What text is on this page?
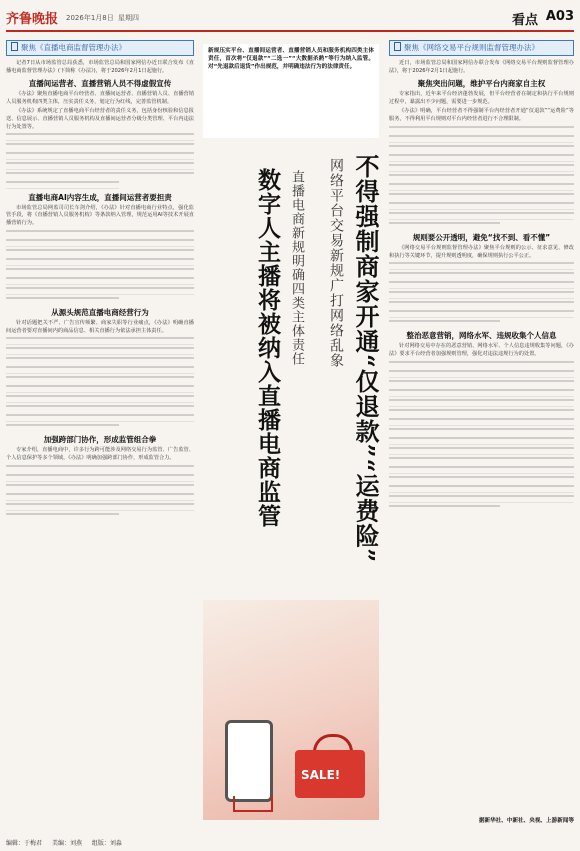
齐鲁晚报 2026年1月8日 星期四	看点 A03
聚焦《直播电商监督管理办法》

记者7日从市场监管总局获悉，市场监管总局和国家网信办近日联合发布《直播电商监督管理办法》(下简称《办法》)，将于2026年2月1日起施行。

直播间运营者、直播营销人员不得虚假宣传

《办法》聚焦直播电商平台经营者、直播间运营者、直播营销人员、直播营销人员服务机构四类主体，压实责任义务，划定行为红线，完善监管机制。

《办法》系统规定了直播电商平台经营者的责任义务，包括身份核验和信息报送、信息展示、直播营销人员服务机构及直播间运营者分级分类管理、平台内违法行为处置等。

直播电商AI内容生成，直播间运营者要担责

市场监管总局网监司司长车剑介绍，《办法》针对直播电商行业特点，强化监管手段，将《直播营销人员服务机构》等条款纳入管理，规范运用AI等技术开展直播营销行为。

从源头规范直播电商经营行为

针对话题把关不严、广告宣传频繁、商家失职等行业痛点，《办法》明确直播间运营者要对直播间内的商品信息、相关直播行为依法承担主体责任。

加强跨部门协作，形成监管组合拳

专家介绍，直播电商中，许多行为跨可能涉及网络交易行为监管、广告监管、个人信息保护等多个领域，《办法》明确加强跨部门协作，形成监管合力。

新规压实平台、直播间运营者、直播营销人员和服务机构四类主体责任，首次将“仅退款”“二选一”“大数据杀熟”等行为纳入监管。对“先退款后退货”作出规范，并明确违法行为的法律责任。

不得强制商家开通“仅退款”“运费险”
网络平台交易新规广打网络乱象
直播电商新规明确四类主体责任
数字人主播将被纳入直播电商监管
SALE!
聚焦《网络交易平台规则监督管理办法》

近日，市场监管总局和国家网信办联合发布《网络交易平台规则监督管理办法》，将于2026年2月1日起施行。

聚焦突出问题，维护平台内商家自主权

专家指出，近年来平台经济蓬勃发展，但平台经营者在制定和执行平台规则过程中，暴露出不少问题，需要进一步规范。

《办法》明确，平台经营者不得强制平台内经营者开通“仅退款”“运费险”等服务，不得利用平台规则对平台内经营者进行不合理限制。

规则要公开透明，避免“找不到、看不懂”

《网络交易平台规则监督管理办法》聚焦平台规则的公示、征求意见、修改和执行等关键环节，提升规则透明度，确保规则执行公平公正。

整治恶意营销，网络水军、违规收集个人信息

针对网络交易中存在的恶意营销、网络水军、个人信息违规收集等问题，《办法》要求平台经营者加强规则管理，强化对违法违规行为的处置。

据新华社、中新社、央视、上游新闻等
编辑：于梅君 美编：刘燕 组版：刘淼
